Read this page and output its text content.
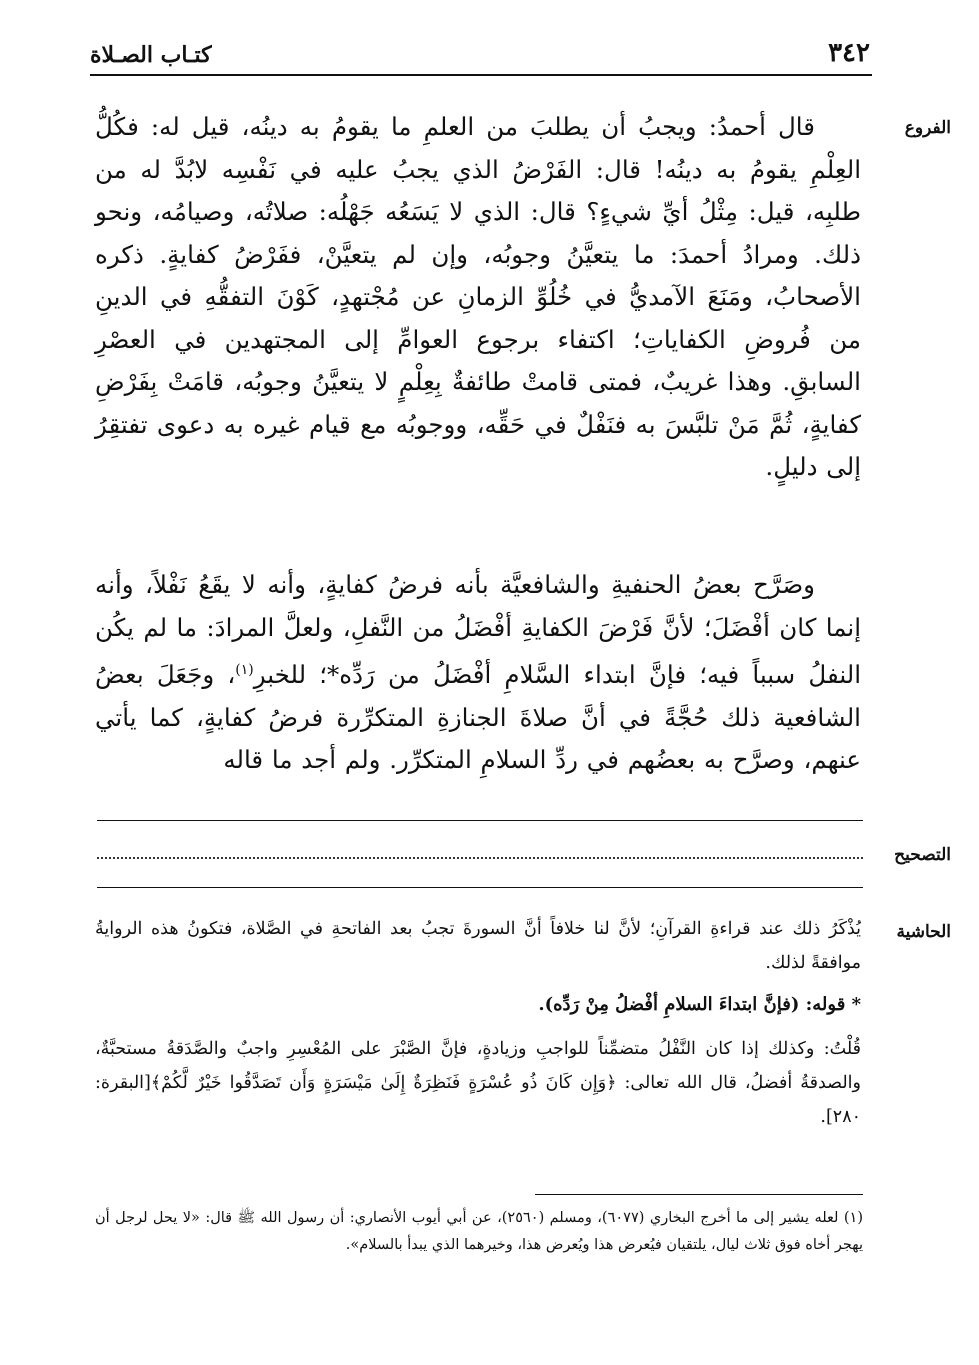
٣٤٢
كتـاب الصـلاة
الفروع
التصحيح
الحاشية

قال أحمدُ: ويجبُ أن يطلبَ من العلمِ ما يقومُ به دينُه، قيل له: فكُلُّ العِلْمِ يقومُ به دينُه! قال: الفَرْضُ الذي يجبُ عليه في نَفْسِه لابُدَّ له من طلبِه، قيل: مِثْلُ أيِّ شيءٍ؟ قال: الذي لا يَسَعُه جَهْلُه: صلاتُه، وصيامُه، ونحو ذلك. ومرادُ أحمدَ: ما يتعيَّنُ وجوبُه، وإن لم يتعيَّنْ، ففَرْضُ كفايةٍ. ذكره الأصحابُ، ومَنَعَ الآمديُّ في خُلُوِّ الزمانِ عن مُجْتهدٍ، كَوْنَ التفقُّهِ في الدينِ من فُروضِ الكفاياتِ؛ اكتفاء برجوع العوامِّ إلى المجتهدين في العصْرِ السابقِ. وهذا غريبٌ، فمتى قامتْ طائفةٌ بِعِلْمٍ لا يتعيَّنُ وجوبُه، قامَتْ بِفَرْضِ كفايةٍ، ثُمَّ مَنْ تلبَّسَ به فنَفْلٌ في حَقِّه، ووجوبُه مع قيام غيره به دعوى تفتقِرُ إلى دليلٍ.

وصَرَّح بعضُ الحنفيةِ والشافعيَّة بأنه فرضُ كفايةٍ، وأنه لا يقَعُ نَفْلاً، وأنه إنما كان أفْضَلَ؛ لأنَّ فَرْضَ الكفايةِ أفْضَلُ من النَّفلِ، ولعلَّ المرادَ: ما لم يكُن النفلُ سبباً فيه؛ فإنَّ ابتداء السَّلامِ أفْضَلُ من رَدِّه*؛ للخبرِ$^{(١)}$، وجَعَلَ بعضُ الشافعية ذلك حُجَّةً في أنَّ صلاةَ الجنازةِ المتكرِّرة فرضُ كفايةٍ، كما يأتي عنهم، وصرَّح به بعضُهم في ردِّ السلامِ المتكرِّر. ولم أجد ما قاله

يُذْكَرُ ذلك عند قراءةِ القرآنِ؛ لأنَّ لنا خلافاً أنَّ السورةَ تجبُ بعد الفاتحةِ في الصَّلاة، فتكونُ هذه الروايةُ موافقةً لذلك.

* قوله: (فإنَّ ابتداءَ السلامِ أفْضلُ مِنْ رَدِّه).

قُلْتُ: وكذلك إذا كان النَّفْلُ متضمِّناً للواجبِ وزيادةٍ، فإنَّ الصَّبْرَ على المُعْسِرِ واجبٌ والصَّدَقةُ مستحبَّةٌ، والصدقةُ أفضلُ، قال الله تعالى: ﴿وَإِن كَانَ ذُو عُسْرَةٍ فَنَظِرَةٌ إِلَىٰ مَيْسَرَةٍ وَأَن تَصَدَّقُوا خَيْرٌ لَّكُمْ﴾[البقرة: ٢٨٠].

(١) لعله يشير إلى ما أخرج البخاري (٦٠٧٧)، ومسلم (٢٥٦٠)، عن أبي أيوب الأنصاري: أن رسول الله ﷺ قال: «لا يحل لرجل أن يهجر أخاه فوق ثلاث ليال، يلتقيان فيُعرض هذا ويُعرض هذا، وخيرهما الذي يبدأ بالسلام».
